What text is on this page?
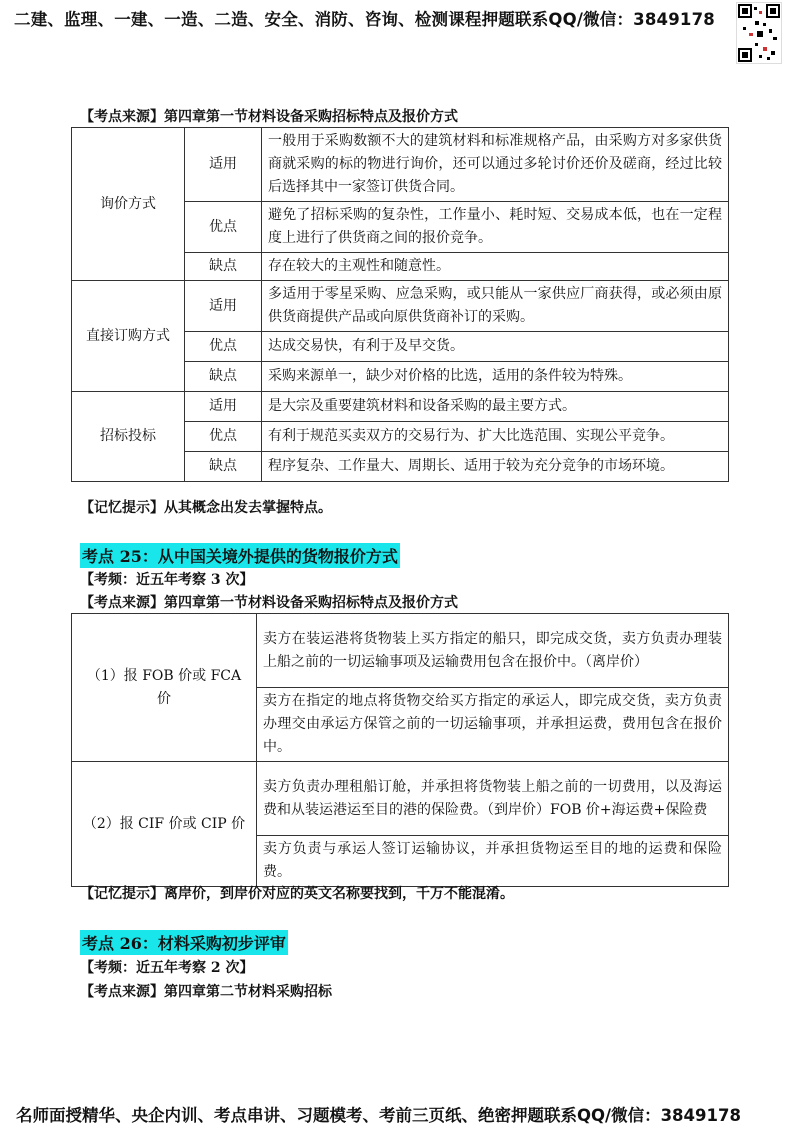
二建、监理、一建、一造、二造、安全、消防、咨询、检测课程押题联系QQ/微信：3849178
【考点来源】第四章第一节材料设备采购招标特点及报价方式
询价方式	适用	一般用于采购数额不大的建筑材料和标准规格产品，由采购方对多家供货商就采购的标的物进行询价，还可以通过多轮讨价还价及磋商，经过比较后选择其中一家签订供货合同。
	优点	避免了招标采购的复杂性，工作量小、耗时短、交易成本低，也在一定程度上进行了供货商之间的报价竞争。
	缺点	存在较大的主观性和随意性。
直接订购方式	适用	多适用于零星采购、应急采购，或只能从一家供应厂商获得，或必须由原供货商提供产品或向原供货商补订的采购。
	优点	达成交易快，有利于及早交货。
	缺点	采购来源单一，缺少对价格的比选，适用的条件较为特殊。
招标投标	适用	是大宗及重要建筑材料和设备采购的最主要方式。
	优点	有利于规范买卖双方的交易行为、扩大比选范围、实现公平竞争。
	缺点	程序复杂、工作量大、周期长、适用于较为充分竞争的市场环境。
【记忆提示】从其概念出发去掌握特点。
考点 25：从中国关境外提供的货物报价方式
【考频：近五年考察 3 次】
【考点来源】第四章第一节材料设备采购招标特点及报价方式
（1）报 FOB 价或 FCA 价	卖方在装运港将货物装上买方指定的船只，即完成交货，卖方负责办理装上船之前的一切运输事项及运输费用包含在报价中。（离岸价）
	卖方在指定的地点将货物交给买方指定的承运人，即完成交货，卖方负责办理交由承运方保管之前的一切运输事项，并承担运费，费用包含在报价中。
（2）报 CIF 价或 CIP 价	卖方负责办理租船订舱，并承担将货物装上船之前的一切费用，以及海运费和从装运港运至目的港的保险费。（到岸价）FOB 价+海运费+保险费
	卖方负责与承运人签订运输协议，并承担货物运至目的地的运费和保险费。
【记忆提示】离岸价，到岸价对应的英文名称要找到，千万不能混淆。
考点 26：材料采购初步评审
【考频：近五年考察 2 次】
【考点来源】第四章第二节材料采购招标
名师面授精华、央企内训、考点串讲、习题模考、考前三页纸、绝密押题联系QQ/微信：3849178
